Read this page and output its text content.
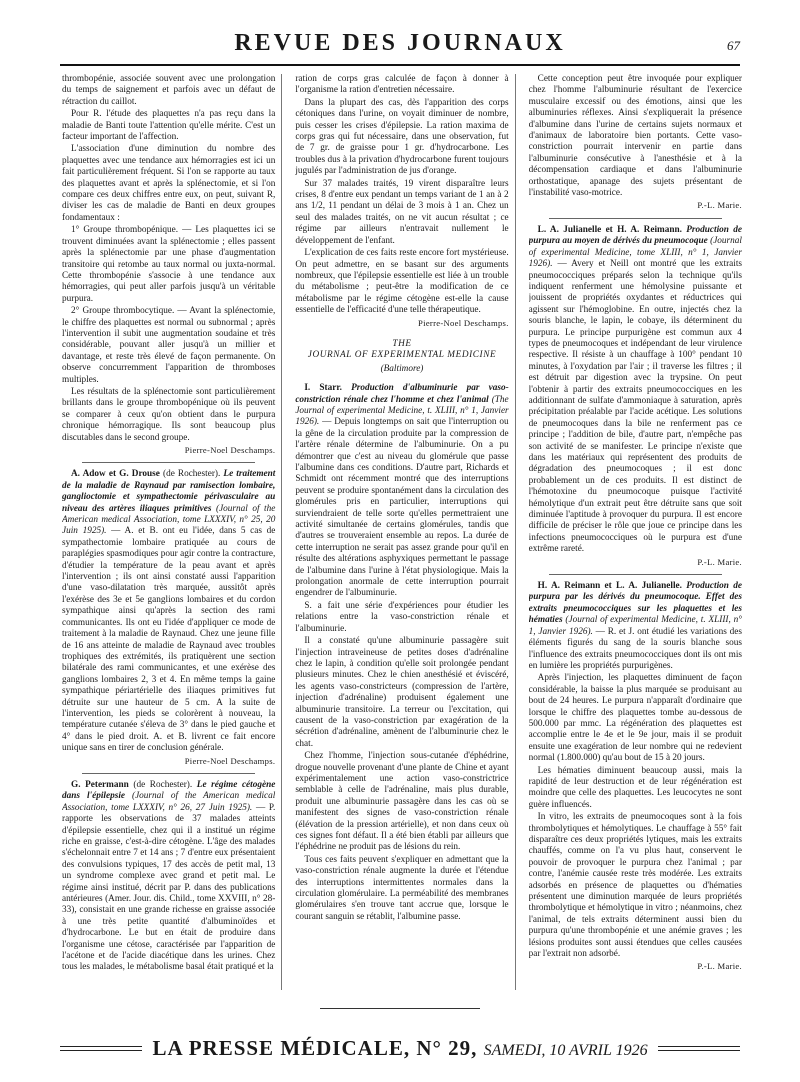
REVUE DES JOURNAUX	67

thrombopénie, associée souvent avec une prolongation du temps de saignement et parfois avec un défaut de rétraction du caillot.

Pour R. l'étude des plaquettes n'a pas reçu dans la maladie de Banti toute l'attention qu'elle mérite. C'est un facteur important de l'affection.

L'association d'une diminution du nombre des plaquettes avec une tendance aux hémorragies est ici un fait particulièrement fréquent. Si l'on se rapporte au taux des plaquettes avant et après la splénectomie, et si l'on compare ces deux chiffres entre eux, on peut, suivant R, diviser les cas de maladie de Banti en deux groupes fondamentaux :

1° Groupe thrombopénique. — Les plaquettes ici se trouvent diminuées avant la splénectomie ; elles passent après la splénectomie par une phase d'augmentation transitoire qui retombe au taux normal ou juxta-normal. Cette thrombopénie s'associe à une tendance aux hémorragies, qui peut aller parfois jusqu'à un véritable purpura.

2° Groupe thrombocytique. — Avant la splénectomie, le chiffre des plaquettes est normal ou subnormal ; après l'intervention il subit une augmentation soudaine et très considérable, pouvant aller jusqu'à un millier et davantage, et reste très élevé de façon permanente. On observe concurremment l'apparition de thromboses multiples.

Les résultats de la splénectomie sont particulièrement brillants dans le groupe thrombopénique où ils peuvent se comparer à ceux qu'on obtient dans le purpura chronique hémorragique. Ils sont beaucoup plus discutables dans le second groupe.

Pierre-Noel Deschamps.

A. Adow et G. Drouse (de Rochester). Le traitement de la maladie de Raynaud par ramisection lombaire, ganglioctomie et sympathectomie périvasculaire au niveau des artères iliaques primitives (Journal of the American medical Association, tome LXXXIV, n° 25, 20 Juin 1925). — A. et B. ont eu l'idée, dans 5 cas de sympathectomie lombaire pratiquée au cours de paraplégies spasmodiques pour agir contre la contracture, d'étudier la température de la peau avant et après l'intervention ; ils ont ainsi constaté aussi l'apparition d'une vaso-dilatation très marquée, aussitôt après l'exérèse des 3e et 5e ganglions lombaires et du cordon sympathique ainsi qu'après la section des rami communicantes. Ils ont eu l'idée d'appliquer ce mode de traitement à la maladie de Raynaud. Chez une jeune fille de 16 ans atteinte de maladie de Raynaud avec troubles trophiques des extrémités, ils pratiquèrent une section bilatérale des rami communicantes, et une exérèse des ganglions lombaires 2, 3 et 4. En même temps la gaine sympathique périartérielle des iliaques primitives fut détruite sur une hauteur de 5 cm. A la suite de l'intervention, les pieds se colorèrent à nouveau, la température cutanée s'éleva de 3° dans le pied gauche et 4° dans le pied droit. A. et B. livrent ce fait encore unique sans en tirer de conclusion générale.

Pierre-Noel Deschamps.

G. Petermann (de Rochester). Le régime cétogène dans l'épilepsie (Journal of the American medical Association, tome LXXXIV, n° 26, 27 Juin 1925). — P. rapporte les observations de 37 malades atteints d'épilepsie essentielle, chez qui il a institué un régime riche en graisse, c'est-à-dire cétogène. L'âge des malades s'échelonnait entre 7 et 14 ans ; 7 d'entre eux présentaient des convulsions typiques, 17 des accès de petit mal, 13 un syndrome complexe avec grand et petit mal. Le régime ainsi institué, décrit par P. dans des publications antérieures (Amer. Jour. dis. Child., tome XXVIII, n° 28-33), consistait en une grande richesse en graisse associée à une très petite quantité d'albuminoïdes et d'hydrocarbone. Le but en était de produire dans l'organisme une cétose, caractérisée par l'apparition de l'acétone et de l'acide diacétique dans les urines. Chez tous les malades, le métabolisme basal était pratiqué et la

ration de corps gras calculée de façon à donner à l'organisme la ration d'entretien nécessaire.

Dans la plupart des cas, dès l'apparition des corps cétoniques dans l'urine, on voyait diminuer de nombre, puis cesser les crises d'épilepsie. La ration maxima de corps gras qui fut nécessaire, dans une observation, fut de 7 gr. de graisse pour 1 gr. d'hydrocarbone. Les troubles dus à la privation d'hydrocarbone furent toujours jugulés par l'administration de jus d'orange.

Sur 37 malades traités, 19 virent disparaître leurs crises, 8 d'entre eux pendant un temps variant de 1 an à 2 ans 1/2, 11 pendant un délai de 3 mois à 1 an. Chez un seul des malades traités, on ne vit aucun résultat ; ce régime par ailleurs n'entravait nullement le développement de l'enfant.

L'explication de ces faits reste encore fort mystérieuse. On peut admettre, en se basant sur des arguments nombreux, que l'épilepsie essentielle est liée à un trouble du métabolisme ; peut-être la modification de ce métabolisme par le régime cétogène est-elle la cause essentielle de l'efficacité d'une telle thérapeutique.

Pierre-Noel Deschamps.
THE
JOURNAL OF EXPERIMENTAL MEDICINE
(Baltimore)

I. Starr. Production d'albuminurie par vaso-constriction rénale chez l'homme et chez l'animal (The Journal of experimental Medicine, t. XLIII, n° 1, Janvier 1926). — Depuis longtemps on sait que l'interruption ou la gêne de la circulation produite par la compression de l'artère rénale détermine de l'albuminurie. On a pu démontrer que c'est au niveau du glomérule que passe l'albumine dans ces conditions. D'autre part, Richards et Schmidt ont récemment montré que des interruptions peuvent se produire spontanément dans la circulation des glomérules pris en particulier, interruptions qui surviendraient de telle sorte qu'elles permettraient une activité simultanée de certains glomérules, tandis que d'autres se trouveraient ensemble au repos. La durée de cette interruption ne serait pas assez grande pour qu'il en résulte des altérations asphyxiques permettant le passage de l'albumine dans l'urine à l'état physiologique. Mais la prolongation anormale de cette interruption pourrait engendrer de l'albuminurie.

S. a fait une série d'expériences pour étudier les relations entre la vaso-constriction rénale et l'albuminurie.

Il a constaté qu'une albuminurie passagère suit l'injection intraveineuse de petites doses d'adrénaline chez le lapin, à condition qu'elle soit prolongée pendant plusieurs minutes. Chez le chien anesthésié et éviscéré, les agents vaso-constricteurs (compression de l'artère, injection d'adrénaline) produisent également une albuminurie transitoire. La terreur ou l'excitation, qui causent de la vaso-constriction par exagération de la sécrétion d'adrénaline, amènent de l'albuminurie chez le chat.

Chez l'homme, l'injection sous-cutanée d'éphédrine, drogue nouvelle provenant d'une plante de Chine et ayant expérimentalement une action vaso-constrictrice semblable à celle de l'adrénaline, mais plus durable, produit une albuminurie passagère dans les cas où se manifestent des signes de vaso-constriction rénale (élévation de la pression artérielle), et non dans ceux où ces signes font défaut. Il a été bien établi par ailleurs que l'éphédrine ne produit pas de lésions du rein.

Tous ces faits peuvent s'expliquer en admettant que la vaso-constriction rénale augmente la durée et l'étendue des interruptions intermittentes normales dans la circulation glomérulaire. La perméabilité des membranes glomérulaires s'en trouve tant accrue que, lorsque le courant sanguin se rétablit, l'albumine passe.

Cette conception peut être invoquée pour expliquer chez l'homme l'albuminurie résultant de l'exercice musculaire excessif ou des émotions, ainsi que les albuminuries réflexes. Ainsi s'expliquerait la présence d'albumine dans l'urine de certains sujets normaux et d'animaux de laboratoire bien portants. Cette vaso-constriction pourrait intervenir en partie dans l'albuminurie consécutive à l'anesthésie et à la décompensation cardiaque et dans l'albuminurie orthostatique, apanage des sujets présentant de l'instabilité vaso-motrice.

P.-L. Marie.

L. A. Julianelle et H. A. Reimann. Production de purpura au moyen de dérivés du pneumocoque (Journal of experimental Medicine, tome XLIII, n° 1, Janvier 1926). — Avery et Neill ont montré que les extraits pneumococciques préparés selon la technique qu'ils indiquent renferment une hémolysine puissante et jouissent de propriétés oxydantes et réductrices qui agissent sur l'hémoglobine. En outre, injectés chez la souris blanche, le lapin, le cobaye, ils déterminent du purpura. Le principe purpurigène est commun aux 4 types de pneumocoques et indépendant de leur virulence respective. Il résiste à un chauffage à 100° pendant 10 minutes, à l'oxydation par l'air ; il traverse les filtres ; il est détruit par digestion avec la trypsine. On peut l'obtenir à partir des extraits pneumococciques en les additionnant de sulfate d'ammoniaque à saturation, après précipitation préalable par l'acide acétique. Les solutions de pneumocoques dans la bile ne renferment pas ce principe ; l'addition de bile, d'autre part, n'empêche pas son activité de se manifester. Le principe n'existe que dans les matériaux qui représentent des produits de dégradation des pneumocoques ; il est donc probablement un de ces produits. Il est distinct de l'hémotoxine du pneumocoque puisque l'activité hémolytique d'un extrait peut être détruite sans que soit diminuée l'aptitude à provoquer du purpura. Il est encore difficile de préciser le rôle que joue ce principe dans les infections pneumococciques où le purpura est d'une extrême rareté.

P.-L. Marie.

H. A. Reimann et L. A. Julianelle. Production de purpura par les dérivés du pneumocoque. Effet des extraits pneumococciques sur les plaquettes et les hématies (Journal of experimental Medicine, t. XLIII, n° 1, Janvier 1926). — R. et J. ont étudié les variations des éléments figurés du sang de la souris blanche sous l'influence des extraits pneumococciques dont ils ont mis en lumière les propriétés purpurigènes.

Après l'injection, les plaquettes diminuent de façon considérable, la baisse la plus marquée se produisant au bout de 24 heures. Le purpura n'apparaît d'ordinaire que lorsque le chiffre des plaquettes tombe au-dessous de 500.000 par mmc. La régénération des plaquettes est accomplie entre le 4e et le 9e jour, mais il se produit ensuite une exagération de leur nombre qui ne redevient normal (1.800.000) qu'au bout de 15 à 20 jours.

Les hématies diminuent beaucoup aussi, mais la rapidité de leur destruction et de leur régénération est moindre que celle des plaquettes. Les leucocytes ne sont guère influencés.

In vitro, les extraits de pneumocoques sont à la fois thrombolytiques et hémolytiques. Le chauffage à 55° fait disparaître ces deux propriétés lytiques, mais les extraits chauffés, comme on l'a vu plus haut, conservent le pouvoir de provoquer le purpura chez l'animal ; par contre, l'anémie causée reste très modérée. Les extraits adsorbés en présence de plaquettes ou d'hématies présentent une diminution marquée de leurs propriétés thrombolytique et hémolytique in vitro ; néanmoins, chez l'animal, de tels extraits déterminent aussi bien du purpura qu'une thrombopénie et une anémie graves ; les lésions produites sont aussi étendues que celles causées par l'extrait non adsorbé.

P.-L. Marie.
LA PRESSE MÉDICALE, N° 29, SAMEDI, 10 AVRIL 1926
